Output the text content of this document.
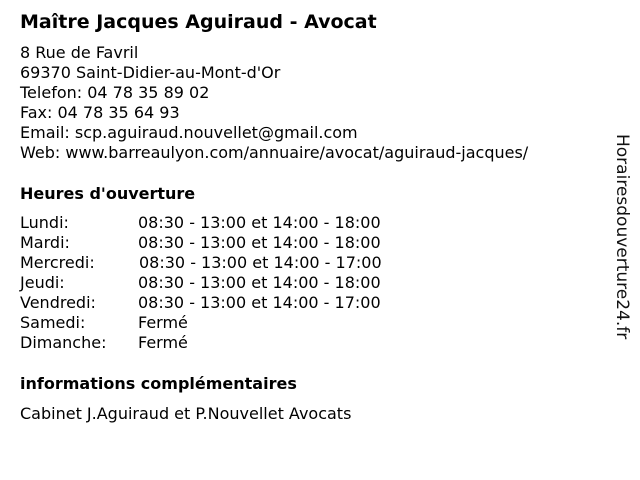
Maître Jacques Aguiraud - Avocat
8 Rue de Favril
69370 Saint-Didier-au-Mont-d'Or
Telefon: 04 78 35 89 02
Fax: 04 78 35 64 93
Email: scp.aguiraud.nouvellet@gmail.com
Web: www.barreaulyon.com/annuaire/avocat/aguiraud-jacques/
Heures d'ouverture
Lundi:	08:30 - 13:00 et 14:00 - 18:00
Mardi:	08:30 - 13:00 et 14:00 - 18:00
Mercredi:	08:30 - 13:00 et 14:00 - 17:00
Jeudi:	08:30 - 13:00 et 14:00 - 18:00
Vendredi:	08:30 - 13:00 et 14:00 - 17:00
Samedi:	Fermé
Dimanche: Fermé
informations complémentaires
Cabinet J.Aguiraud et P.Nouvellet Avocats
Horairesdouverture24.fr
